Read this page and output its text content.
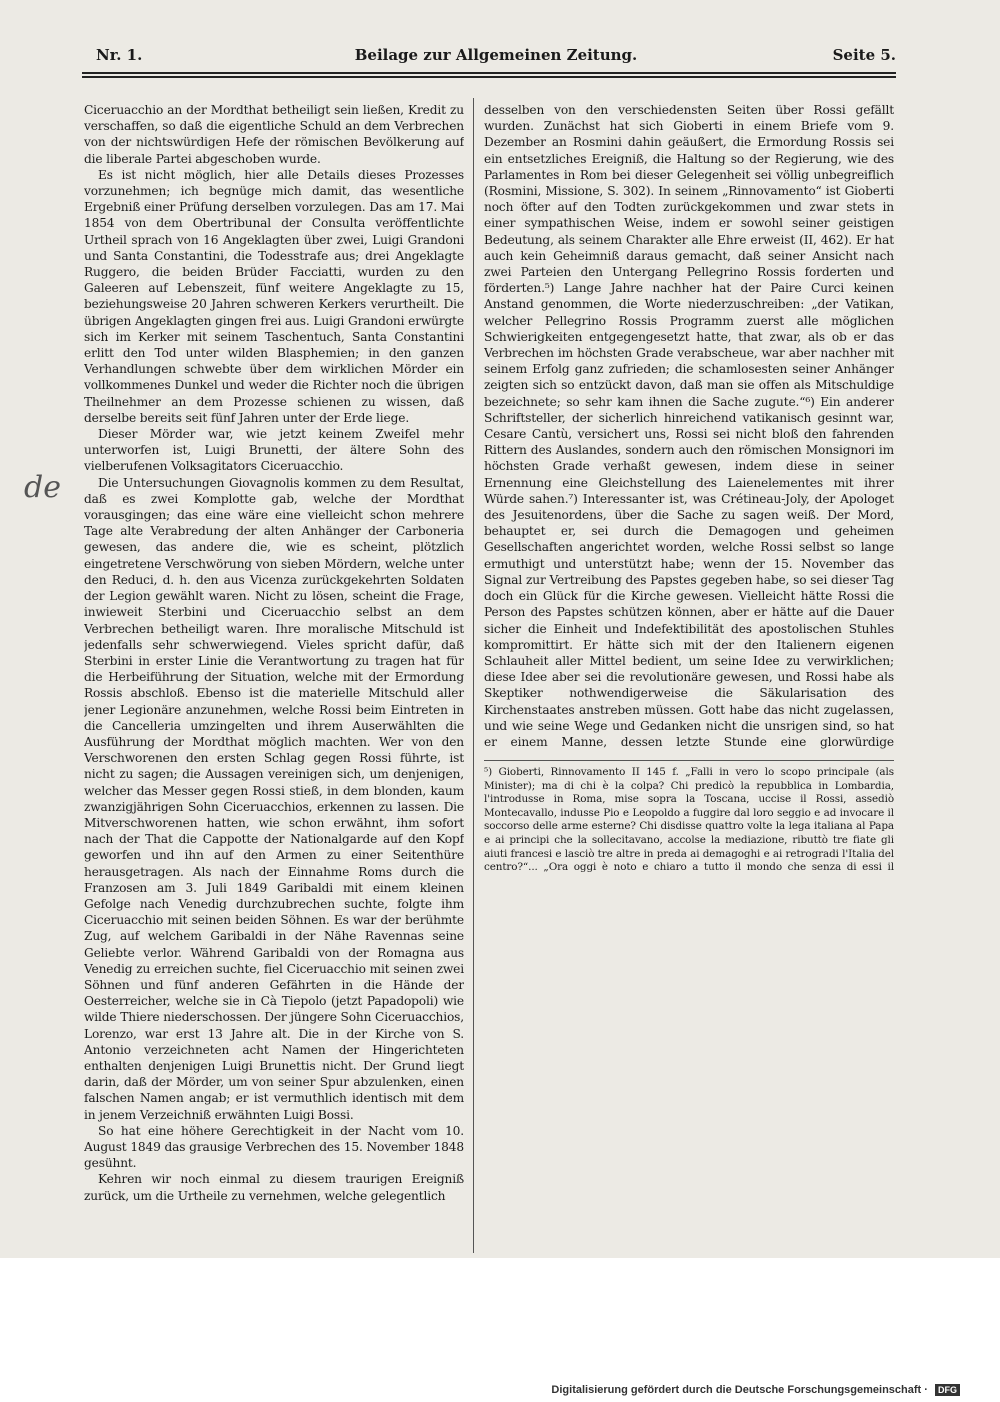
Nr. 1.	Beilage zur Allgemeinen Zeitung.	Seite 5.
de

Ciceruacchio an der Mordthat betheiligt sein ließen, Kredit zu verschaffen, so daß die eigentliche Schuld an dem Verbrechen von der nichtswürdigen Hefe der römischen Bevölkerung auf die liberale Partei abgeschoben wurde.

Es ist nicht möglich, hier alle Details dieses Prozesses vorzunehmen; ich begnüge mich damit, das wesentliche Ergebniß einer Prüfung derselben vorzulegen. Das am 17. Mai 1854 von dem Obertribunal der Consulta veröffentlichte Urtheil sprach von 16 Angeklagten über zwei, Luigi Grandoni und Santa Constantini, die Todesstrafe aus; drei Angeklagte Ruggero, die beiden Brüder Facciatti, wurden zu den Galeeren auf Lebenszeit, fünf weitere Angeklagte zu 15, beziehungsweise 20 Jahren schweren Kerkers verurtheilt. Die übrigen Angeklagten gingen frei aus. Luigi Grandoni erwürgte sich im Kerker mit seinem Taschentuch, Santa Constantini erlitt den Tod unter wilden Blasphemien; in den ganzen Verhandlungen schwebte über dem wirklichen Mörder ein vollkommenes Dunkel und weder die Richter noch die übrigen Theilnehmer an dem Prozesse schienen zu wissen, daß derselbe bereits seit fünf Jahren unter der Erde liege.

Dieser Mörder war, wie jetzt keinem Zweifel mehr unterworfen ist, Luigi Brunetti, der ältere Sohn des vielberufenen Volksagitators Ciceruacchio.

Die Untersuchungen Giovagnolis kommen zu dem Resultat, daß es zwei Komplotte gab, welche der Mordthat vorausgingen; das eine wäre eine vielleicht schon mehrere Tage alte Verabredung der alten Anhänger der Carboneria gewesen, das andere die, wie es scheint, plötzlich eingetretene Verschwörung von sieben Mördern, welche unter den Reduci, d. h. den aus Vicenza zurückgekehrten Soldaten der Legion gewählt waren. Nicht zu lösen, scheint die Frage, inwieweit Sterbini und Ciceruacchio selbst an dem Verbrechen betheiligt waren. Ihre moralische Mitschuld ist jedenfalls sehr schwerwiegend. Vieles spricht dafür, daß Sterbini in erster Linie die Verantwortung zu tragen hat für die Herbeiführung der Situation, welche mit der Ermordung Rossis abschloß. Ebenso ist die materielle Mitschuld aller jener Legionäre anzunehmen, welche Rossi beim Eintreten in die Cancelleria umzingelten und ihrem Auserwählten die Ausführung der Mordthat möglich machten. Wer von den Verschworenen den ersten Schlag gegen Rossi führte, ist nicht zu sagen; die Aussagen vereinigen sich, um denjenigen, welcher das Messer gegen Rossi stieß, in dem blonden, kaum zwanzigjährigen Sohn Ciceruacchios, erkennen zu lassen. Die Mitverschworenen hatten, wie schon erwähnt, ihm sofort nach der That die Cappotte der Nationalgarde auf den Kopf geworfen und ihn auf den Armen zu einer Seitenthüre herausgetragen. Als nach der Einnahme Roms durch die Franzosen am 3. Juli 1849 Garibaldi mit einem kleinen Gefolge nach Venedig durchzubrechen suchte, folgte ihm Ciceruacchio mit seinen beiden Söhnen. Es war der berühmte Zug, auf welchem Garibaldi in der Nähe Ravennas seine Geliebte verlor. Während Garibaldi von der Romagna aus Venedig zu erreichen suchte, fiel Ciceruacchio mit seinen zwei Söhnen und fünf anderen Gefährten in die Hände der Oesterreicher, welche sie in Cà Tiepolo (jetzt Papadopoli) wie wilde Thiere niederschossen. Der jüngere Sohn Ciceruacchios, Lorenzo, war erst 13 Jahre alt. Die in der Kirche von S. Antonio verzeichneten acht Namen der Hingerichteten enthalten denjenigen Luigi Brunettis nicht. Der Grund liegt darin, daß der Mörder, um von seiner Spur abzulenken, einen falschen Namen angab; er ist vermuthlich identisch mit dem in jenem Verzeichniß erwähnten Luigi Bossi.

So hat eine höhere Gerechtigkeit in der Nacht vom 10. August 1849 das grausige Verbrechen des 15. November 1848 gesühnt.

Kehren wir noch einmal zu diesem traurigen Ereigniß zurück, um die Urtheile zu vernehmen, welche gelegentlich

desselben von den verschiedensten Seiten über Rossi gefällt wurden. Zunächst hat sich Gioberti in einem Briefe vom 9. Dezember an Rosmini dahin geäußert, die Ermordung Rossis sei ein entsetzliches Ereigniß, die Haltung so der Regierung, wie des Parlamentes in Rom bei dieser Gelegenheit sei völlig unbegreiflich (Rosmini, Missione, S. 302). In seinem „Rinnovamento“ ist Gioberti noch öfter auf den Todten zurückgekommen und zwar stets in einer sympathischen Weise, indem er sowohl seiner geistigen Bedeutung, als seinem Charakter alle Ehre erweist (II, 462). Er hat auch kein Geheimniß daraus gemacht, daß seiner Ansicht nach zwei Parteien den Untergang Pellegrino Rossis forderten und förderten.⁵) Lange Jahre nachher hat der Paire Curci keinen Anstand genommen, die Worte niederzuschreiben: „der Vatikan, welcher Pellegrino Rossis Programm zuerst alle möglichen Schwierigkeiten entgegengesetzt hatte, that zwar, als ob er das Verbrechen im höchsten Grade verabscheue, war aber nachher mit seinem Erfolg ganz zufrieden; die schamlosesten seiner Anhänger zeigten sich so entzückt davon, daß man sie offen als Mitschuldige bezeichnete; so sehr kam ihnen die Sache zugute.“⁶) Ein anderer Schriftsteller, der sicherlich hinreichend vatikanisch gesinnt war, Cesare Cantù, versichert uns, Rossi sei nicht bloß den fahrenden Rittern des Auslandes, sondern auch den römischen Monsignori im höchsten Grade verhaßt gewesen, indem diese in seiner Ernennung eine Gleichstellung des Laienelementes mit ihrer Würde sahen.⁷) Interessanter ist, was Crétineau-Joly, der Apologet des Jesuitenordens, über die Sache zu sagen weiß. Der Mord, behauptet er, sei durch die Demagogen und geheimen Gesellschaften angerichtet worden, welche Rossi selbst so lange ermuthigt und unterstützt habe; wenn der 15. November das Signal zur Vertreibung des Papstes gegeben habe, so sei dieser Tag doch ein Glück für die Kirche gewesen. Vielleicht hätte Rossi die Person des Papstes schützen können, aber er hätte auf die Dauer sicher die Einheit und Indefektibilität des apostolischen Stuhles kompromittirt. Er hätte sich mit der den Italienern eigenen Schlauheit aller Mittel bedient, um seine Idee zu verwirklichen; diese Idee aber sei die revolutionäre gewesen, und Rossi habe als Skeptiker nothwendigerweise die Säkularisation des Kirchenstaates anstreben müssen. Gott habe das nicht zugelassen, und wie seine Wege und Gedanken nicht die unsrigen sind, so hat er einem Manne, dessen letzte Stunde eine glorwürdige

⁵) Gioberti, Rinnovamento II 145 f. „Falli in vero lo scopo principale (als Minister); ma di chi è la colpa? Chi predicò la repubblica in Lombardia, l'introdusse in Roma, mise sopra la Toscana, uccise il Rossi, assediò Montecavallo, indusse Pio e Leopoldo a fuggire dal loro seggio e ad invocare il soccorso delle arme esterne? Chi disdisse quattro volte la lega italiana al Papa e ai principi che la sollecitavano, accolse la mediazione, ributtò tre fiate gli aiuti francesi e lasciò tre altre in preda ai demagoghi e ai retrogradi l'Italia del centro?“... „Ora oggi è noto e chiaro a tutto il mondo che senza di essi il

Digitalisierung gefördert durch die Deutsche Forschungsgemeinschaft · DFG
